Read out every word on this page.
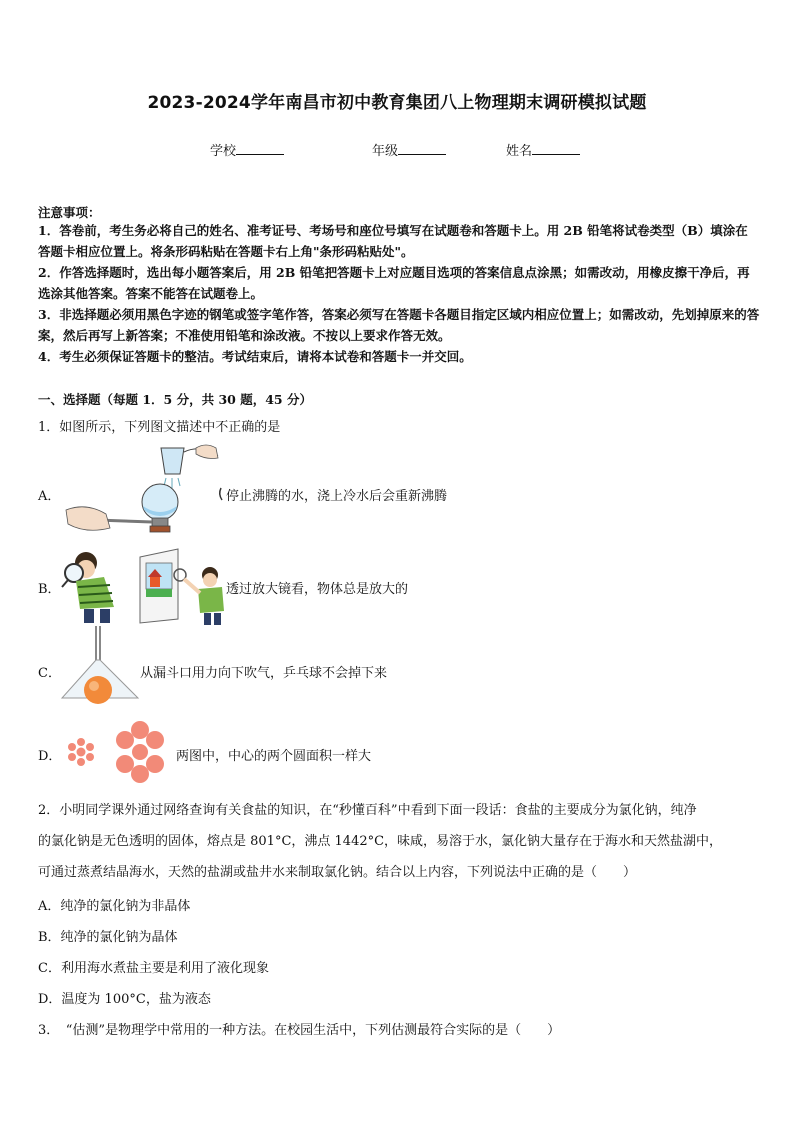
2023-2024学年南昌市初中教育集团八上物理期末调研模拟试题
学校	年级	姓名
注意事项：
1．答卷前，考生务必将自己的姓名、准考证号、考场号和座位号填写在试题卷和答题卡上。用 2B 铅笔将试卷类型（B）填涂在答题卡相应位置上。将条形码粘贴在答题卡右上角"条形码粘贴处"。
2．作答选择题时，选出每小题答案后，用 2B 铅笔把答题卡上对应题目选项的答案信息点涂黑；如需改动，用橡皮擦干净后，再选涂其他答案。答案不能答在试题卷上。
3．非选择题必须用黑色字迹的钢笔或签字笔作答，答案必须写在答题卡各题目指定区域内相应位置上；如需改动，先划掉原来的答案，然后再写上新答案；不准使用铅笔和涂改液。不按以上要求作答无效。
4．考生必须保证答题卡的整洁。考试结束后，请将本试卷和答题卡一并交回。
一、选择题（每题 1．5 分，共 30 题，45 分）
1．如图所示，下列图文描述中不正确的是
A．	停止沸腾的水，浇上冷水后会重新沸腾
B．	透过放大镜看，物体总是放大的
C．	从漏斗口用力向下吹气，乒乓球不会掉下来
D．	两图中，中心的两个圆面积一样大
2．小明同学课外通过网络查询有关食盐的知识，在“秒懂百科”中看到下面一段话：食盐的主要成分为氯化钠，纯净
的氯化钠是无色透明的固体，熔点是 801°C，沸点 1442°C，味咸，易溶于水，氯化钠大量存在于海水和天然盐湖中，
可通过蒸煮结晶海水，天然的盐湖或盐井水来制取氯化钠。结合以上内容，下列说法中正确的是（　　）
A．纯净的氯化钠为非晶体
B．纯净的氯化钠为晶体
C．利用海水煮盐主要是利用了液化现象
D．温度为 100°C，盐为液态
3．　“估测”是物理学中常用的一种方法。在校园生活中，下列估测最符合实际的是（　　）
